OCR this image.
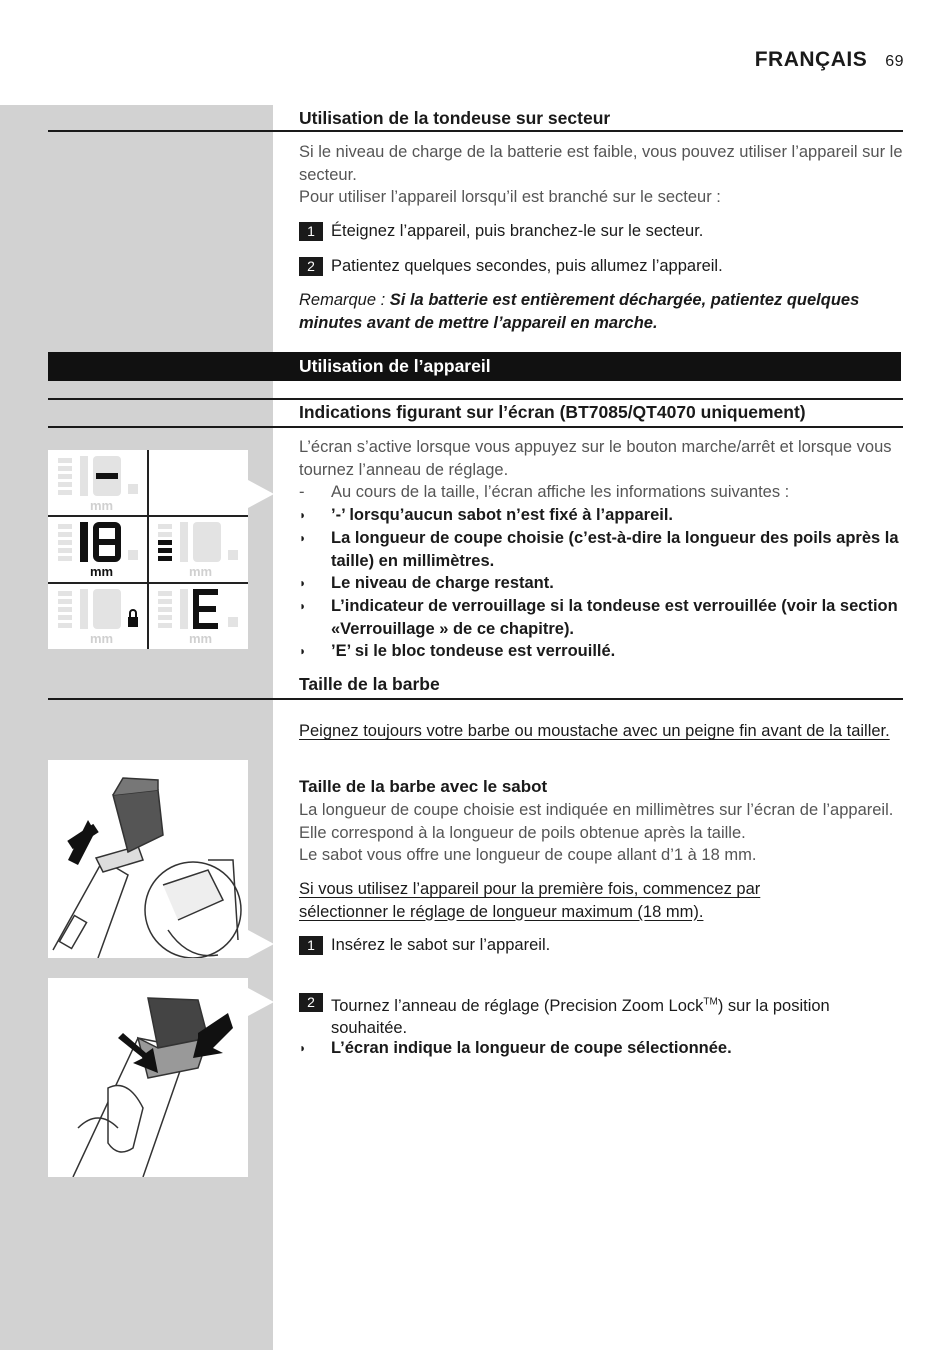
FRANÇAIS 69
Utilisation de la tondeuse sur secteur
Si le niveau de charge de la batterie est faible, vous pouvez utiliser l’appareil sur le secteur.
Pour utiliser l’appareil lorsqu’il est branché sur le secteur :
1 Éteignez l’appareil, puis branchez-le sur le secteur.
2 Patientez quelques secondes, puis allumez l’appareil.
Remarque : Si la batterie est entièrement déchargée, patientez quelques minutes avant de mettre l’appareil en marche.
Utilisation de l’appareil
Indications figurant sur l’écran (BT7085/QT4070 uniquement)
mm
mm	mm
mm	mm
L’écran s’active lorsque vous appuyez sur le bouton marche/arrêt et lorsque vous tournez l’anneau de réglage.
- Au cours de la taille, l’écran affiche les informations suivantes :
◗ ’-’ lorsqu’aucun sabot n’est fixé à l’appareil.
◗ La longueur de coupe choisie (c’est-à-dire la longueur des poils après la taille) en millimètres.
◗ Le niveau de charge restant.
◗ L’indicateur de verrouillage si la tondeuse est verrouillée (voir la section «Verrouillage » de ce chapitre).
◗ ’E’ si le bloc tondeuse est verrouillé.
Taille de la barbe
Peignez toujours votre barbe ou moustache avec un peigne fin avant de la tailler.
Taille de la barbe avec le sabot
La longueur de coupe choisie est indiquée en millimètres sur l’écran de l’appareil. Elle correspond à la longueur de poils obtenue après la taille.
Le sabot vous offre une longueur de coupe allant d’1 à 18 mm.
Si vous utilisez l’appareil pour la première fois, commencez par sélectionner le réglage de longueur maximum (18 mm).
1 Insérez le sabot sur l’appareil.
2 Tournez l’anneau de réglage (Precision Zoom Lock™) sur la position souhaitée.
◗ L’écran indique la longueur de coupe sélectionnée.
